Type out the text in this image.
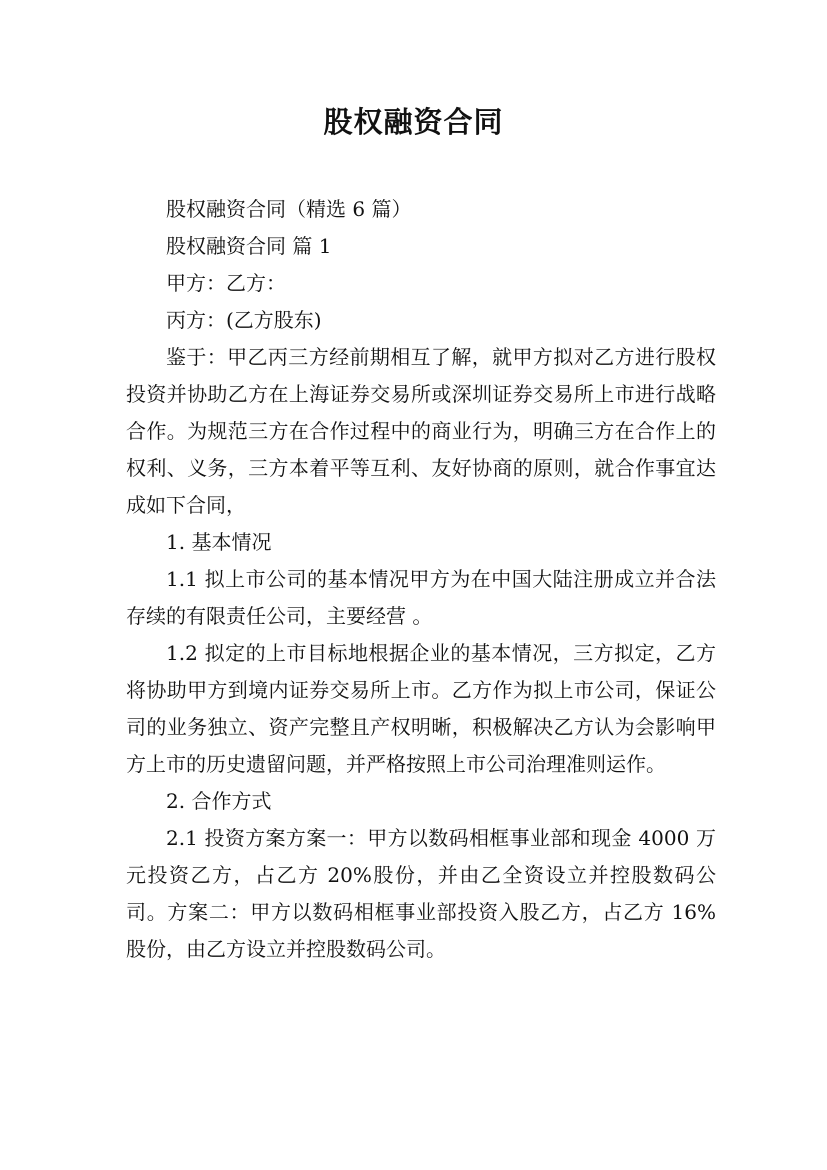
股权融资合同

股权融资合同（精选 6 篇）

股权融资合同 篇 1

甲方：乙方：

丙方：(乙方股东)

鉴于：甲乙丙三方经前期相互了解，就甲方拟对乙方进行股权投资并协助乙方在上海证券交易所或深圳证券交易所上市进行战略合作。为规范三方在合作过程中的商业行为，明确三方在合作上的权利、义务，三方本着平等互利、友好协商的原则，就合作事宜达成如下合同，

1. 基本情况

1.1 拟上市公司的基本情况甲方为在中国大陆注册成立并合法存续的有限责任公司，主要经营 。

1.2 拟定的上市目标地根据企业的基本情况，三方拟定，乙方将协助甲方到境内证券交易所上市。乙方作为拟上市公司，保证公司的业务独立、资产完整且产权明晰，积极解决乙方认为会影响甲方上市的历史遗留问题，并严格按照上市公司治理准则运作。

2. 合作方式

2.1 投资方案方案一：甲方以数码相框事业部和现金 4000 万元投资乙方，占乙方 20%股份，并由乙全资设立并控股数码公司。方案二：甲方以数码相框事业部投资入股乙方，占乙方 16%股份，由乙方设立并控股数码公司。
